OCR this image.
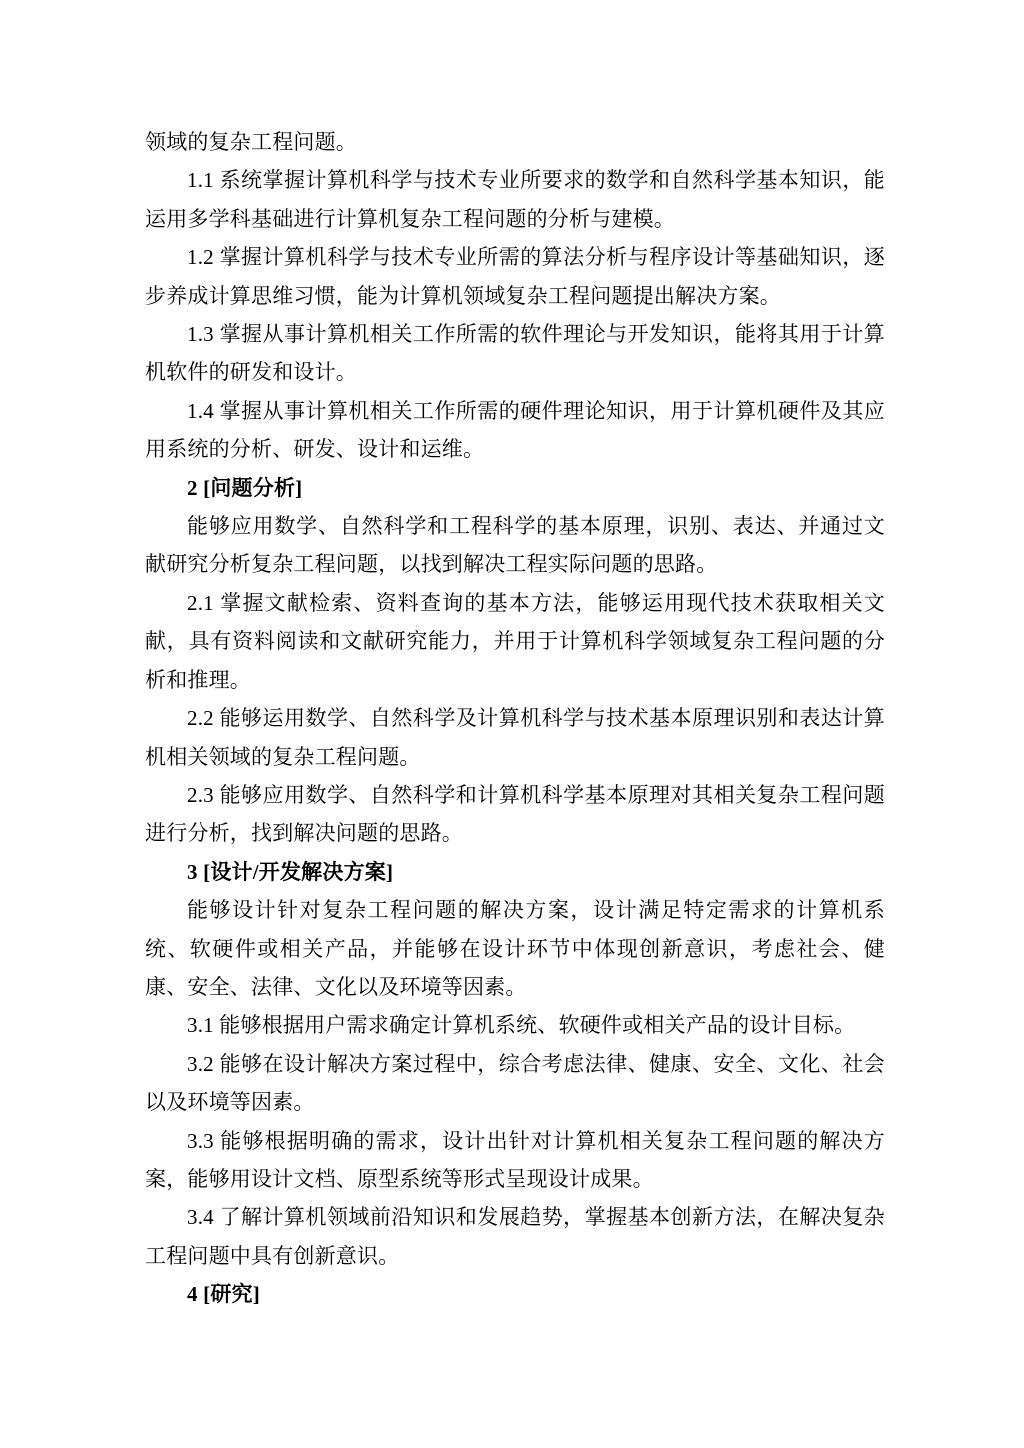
领域的复杂工程问题。

1.1 系统掌握计算机科学与技术专业所要求的数学和自然科学基本知识，能运用多学科基础进行计算机复杂工程问题的分析与建模。

1.2 掌握计算机科学与技术专业所需的算法分析与程序设计等基础知识，逐步养成计算思维习惯，能为计算机领域复杂工程问题提出解决方案。

1.3 掌握从事计算机相关工作所需的软件理论与开发知识，能将其用于计算机软件的研发和设计。

1.4 掌握从事计算机相关工作所需的硬件理论知识，用于计算机硬件及其应用系统的分析、研发、设计和运维。

2 [问题分析]

能够应用数学、自然科学和工程科学的基本原理，识别、表达、并通过文献研究分析复杂工程问题，以找到解决工程实际问题的思路。

2.1 掌握文献检索、资料查询的基本方法，能够运用现代技术获取相关文献，具有资料阅读和文献研究能力，并用于计算机科学领域复杂工程问题的分析和推理。

2.2 能够运用数学、自然科学及计算机科学与技术基本原理识别和表达计算机相关领域的复杂工程问题。

2.3 能够应用数学、自然科学和计算机科学基本原理对其相关复杂工程问题进行分析，找到解决问题的思路。

3 [设计/开发解决方案]

能够设计针对复杂工程问题的解决方案，设计满足特定需求的计算机系统、软硬件或相关产品，并能够在设计环节中体现创新意识，考虑社会、健康、安全、法律、文化以及环境等因素。

3.1 能够根据用户需求确定计算机系统、软硬件或相关产品的设计目标。

3.2 能够在设计解决方案过程中，综合考虑法律、健康、安全、文化、社会以及环境等因素。

3.3 能够根据明确的需求，设计出针对计算机相关复杂工程问题的解决方案，能够用设计文档、原型系统等形式呈现设计成果。

3.4 了解计算机领域前沿知识和发展趋势，掌握基本创新方法，在解决复杂工程问题中具有创新意识。

4 [研究]
